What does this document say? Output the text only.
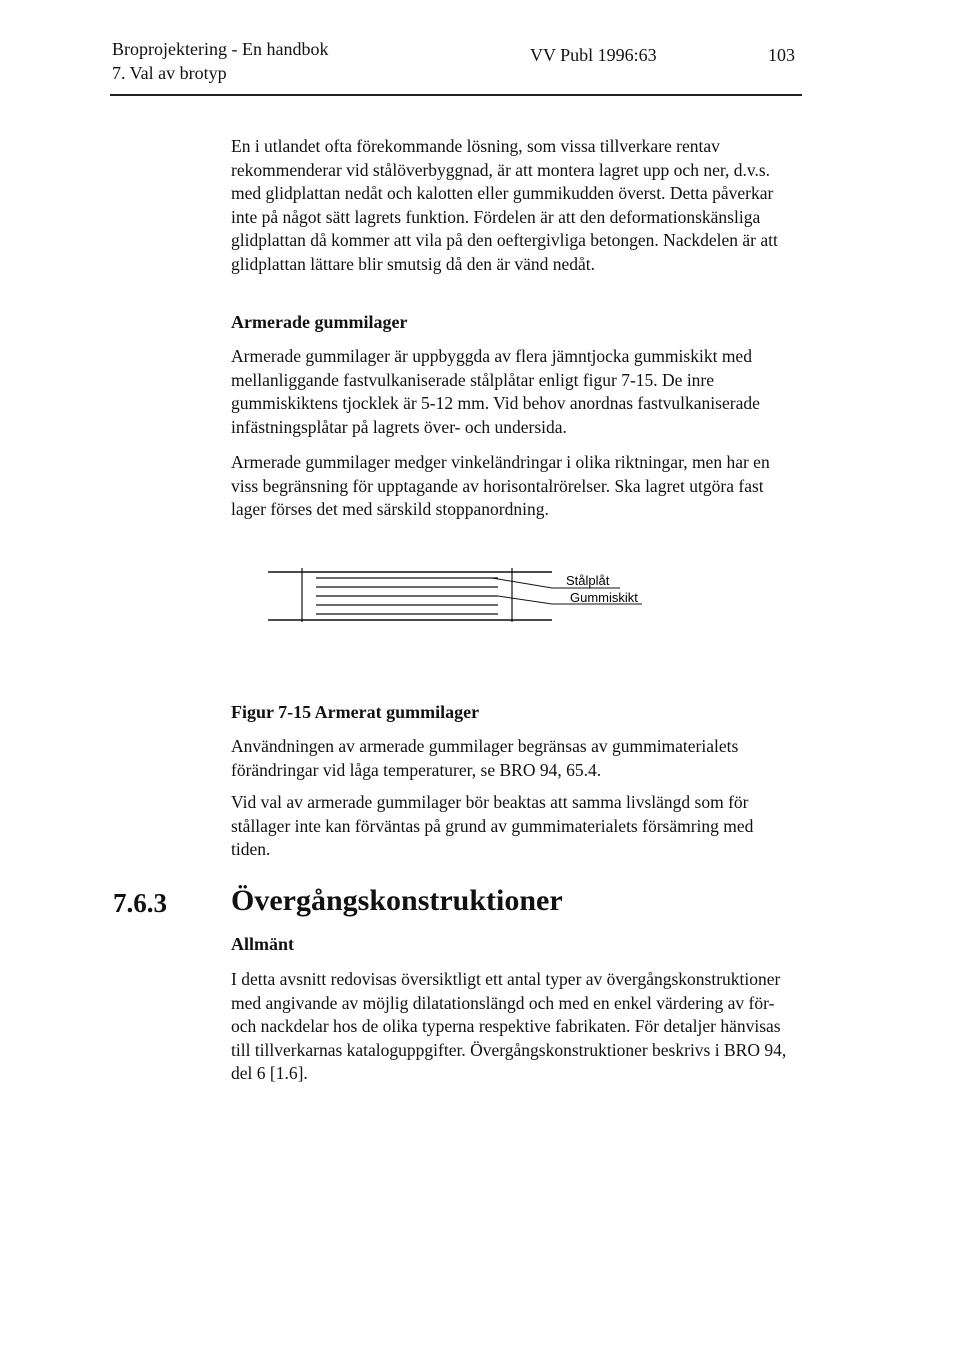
Broprojektering - En handbok
7. Val av brotyp
VV Publ 1996:63	103

En i utlandet ofta förekommande lösning, som vissa tillverkare rentav rekommenderar vid stålöverbyggnad, är att montera lagret upp och ner, d.v.s. med glidplattan nedåt och kalotten eller gummikudden överst. Detta påverkar inte på något sätt lagrets funktion. Fördelen är att den deformationskänsliga glidplattan då kommer att vila på den oeftergivliga betongen. Nackdelen är att glidplattan lättare blir smutsig då den är vänd nedåt.

Armerade gummilager

Armerade gummilager är uppbyggda av flera jämntjocka gummiskikt med mellanliggande fastvulkaniserade stålplåtar enligt figur 7-15. De inre gummiskiktens tjocklek är 5-12 mm. Vid behov anordnas fastvulkaniserade infästningsplåtar på lagrets över- och undersida.

Armerade gummilager medger vinkeländringar i olika riktningar, men har en viss begränsning för upptagande av horisontalrörelser. Ska lagret utgöra fast lager förses det med särskild stoppanordning.

Stålplåt
Gummiskikt
Figur 7-15 Armerat gummilager

Användningen av armerade gummilager begränsas av gummimaterialets förändringar vid låga temperaturer, se BRO 94, 65.4.

Vid val av armerade gummilager bör beaktas att samma livslängd som för stållager inte kan förväntas på grund av gummimaterialets försämring med tiden.

7.6.3 Övergångskonstruktioner
Allmänt

I detta avsnitt redovisas översiktligt ett antal typer av övergångskonstruktioner med angivande av möjlig dilatationslängd och med en enkel värdering av för- och nackdelar hos de olika typerna respektive fabrikaten. För detaljer hänvisas till tillverkarnas kataloguppgifter. Övergångskonstruktioner beskrivs i BRO 94, del 6 [1.6].
